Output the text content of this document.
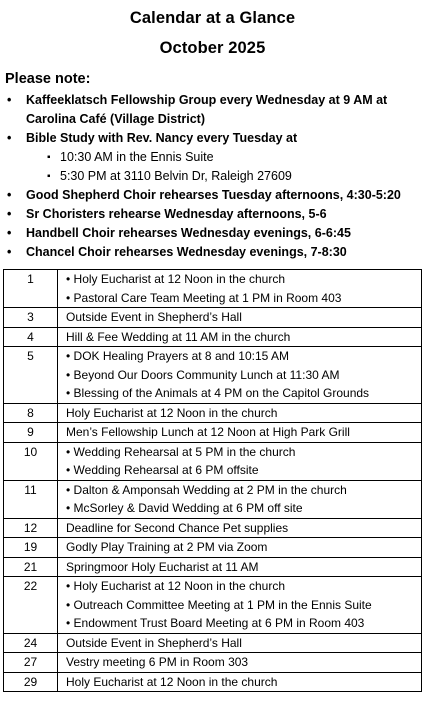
Calendar at a Glance
October 2025
Please note:
• Kaffeeklatsch Fellowship Group every Wednesday at 9 AM at Carolina Café (Village District)
• Bible Study with Rev. Nancy every Tuesday at
▪ 10:30 AM in the Ennis Suite
▪ 5:30 PM at 3110 Belvin Dr, Raleigh 27609
• Good Shepherd Choir rehearses Tuesday afternoons, 4:30-5:20
• Sr Choristers rehearse Wednesday afternoons, 5-6
• Handbell Choir rehearses Wednesday evenings, 6-6:45
• Chancel Choir rehearses Wednesday evenings, 7-8:30
1	• Holy Eucharist at 12 Noon in the church
• Pastoral Care Team Meeting at 1 PM in Room 403

3	Outside Event in Shepherd’s Hall

4	Hill & Fee Wedding at 11 AM in the church

5	• DOK Healing Prayers at 8 and 10:15 AM
• Beyond Our Doors Community Lunch at 11:30 AM
• Blessing of the Animals at 4 PM on the Capitol Grounds

8	Holy Eucharist at 12 Noon in the church

9	Men’s Fellowship Lunch at 12 Noon at High Park Grill

10	• Wedding Rehearsal at 5 PM in the church
• Wedding Rehearsal at 6 PM offsite

11	• Dalton & Amponsah Wedding at 2 PM in the church
• McSorley & David Wedding at 6 PM off site

12	Deadline for Second Chance Pet supplies

19	Godly Play Training at 2 PM via Zoom

21	Springmoor Holy Eucharist at 11 AM

22	• Holy Eucharist at 12 Noon in the church
• Outreach Committee Meeting at 1 PM in the Ennis Suite
• Endowment Trust Board Meeting at 6 PM in Room 403

24	Outside Event in Shepherd’s Hall

27	Vestry meeting 6 PM in Room 303

29	Holy Eucharist at 12 Noon in the church
